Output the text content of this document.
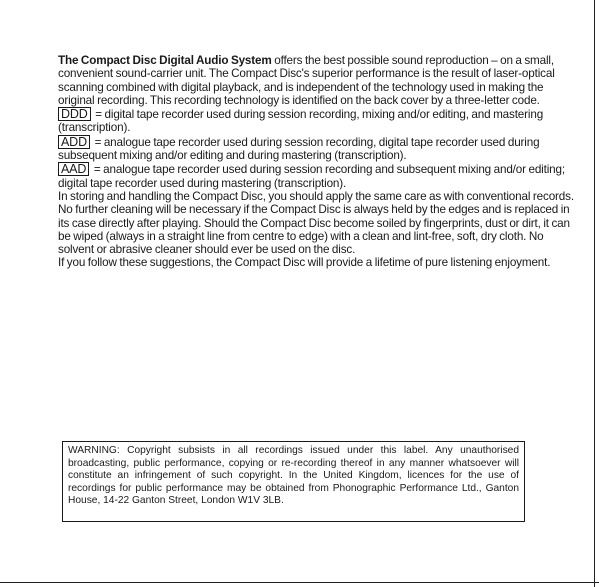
The Compact Disc Digital Audio System offers the best possible sound reproduction – on a small, convenient sound-carrier unit. The Compact Disc's superior performance is the result of laser-optical scanning combined with digital playback, and is independent of the technology used in making the original recording. This recording technology is identified on the back cover by a three-letter code.

DDD = digital tape recorder used during session recording, mixing and/or editing, and mastering (transcription).

ADD = analogue tape recorder used during session recording, digital tape recorder used during subsequent mixing and/or editing and during mastering (transcription).

AAD = analogue tape recorder used during session recording and subsequent mixing and/or editing; digital tape recorder used during mastering (transcription).

In storing and handling the Compact Disc, you should apply the same care as with conventional records. No further cleaning will be necessary if the Compact Disc is always held by the edges and is replaced in its case directly after playing. Should the Compact Disc become soiled by fingerprints, dust or dirt, it can be wiped (always in a straight line from centre to edge) with a clean and lint-free, soft, dry cloth. No solvent or abrasive cleaner should ever be used on the disc.

If you follow these suggestions, the Compact Disc will provide a lifetime of pure listening enjoyment.

WARNING: Copyright subsists in all recordings issued under this label. Any unauthorised broadcasting, public performance, copying or re-recording thereof in any manner whatsoever will constitute an infringement of such copyright. In the United Kingdom, licences for the use of recordings for public performance may be obtained from Phonographic Performance Ltd., Ganton House, 14-22 Ganton Street, London W1V 3LB.
